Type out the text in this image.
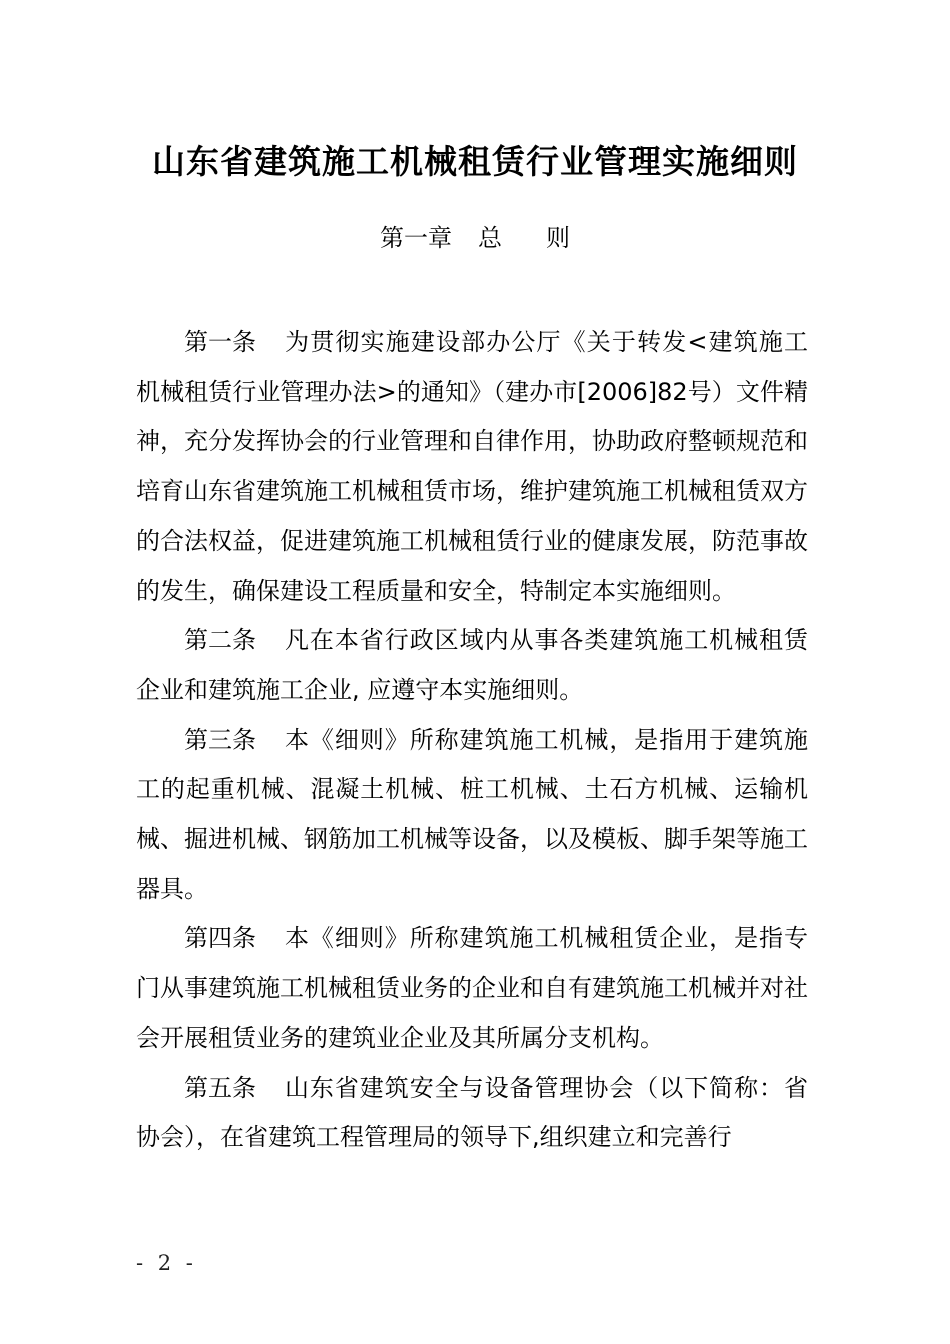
山东省建筑施工机械租赁行业管理实施细则
第一章 总 则

第一条 为贯彻实施建设部办公厅《关于转发<建筑施工机械租赁行业管理办法>的通知》（建办市[2006]82号）文件精神，充分发挥协会的行业管理和自律作用，协助政府整顿规范和培育山东省建筑施工机械租赁市场，维护建筑施工机械租赁双方的合法权益，促进建筑施工机械租赁行业的健康发展，防范事故的发生，确保建设工程质量和安全，特制定本实施细则。

第二条 凡在本省行政区域内从事各类建筑施工机械租赁企业和建筑施工企业, 应遵守本实施细则。

第三条 本《细则》所称建筑施工机械，是指用于建筑施工的起重机械、混凝土机械、桩工机械、土石方机械、运输机械、掘进机械、钢筋加工机械等设备，以及模板、脚手架等施工器具。

第四条 本《细则》所称建筑施工机械租赁企业，是指专门从事建筑施工机械租赁业务的企业和自有建筑施工机械并对社会开展租赁业务的建筑业企业及其所属分支机构。

第五条 山东省建筑安全与设备管理协会（以下简称：省协会），在省建筑工程管理局的领导下,组织建立和完善行

- 2 -
